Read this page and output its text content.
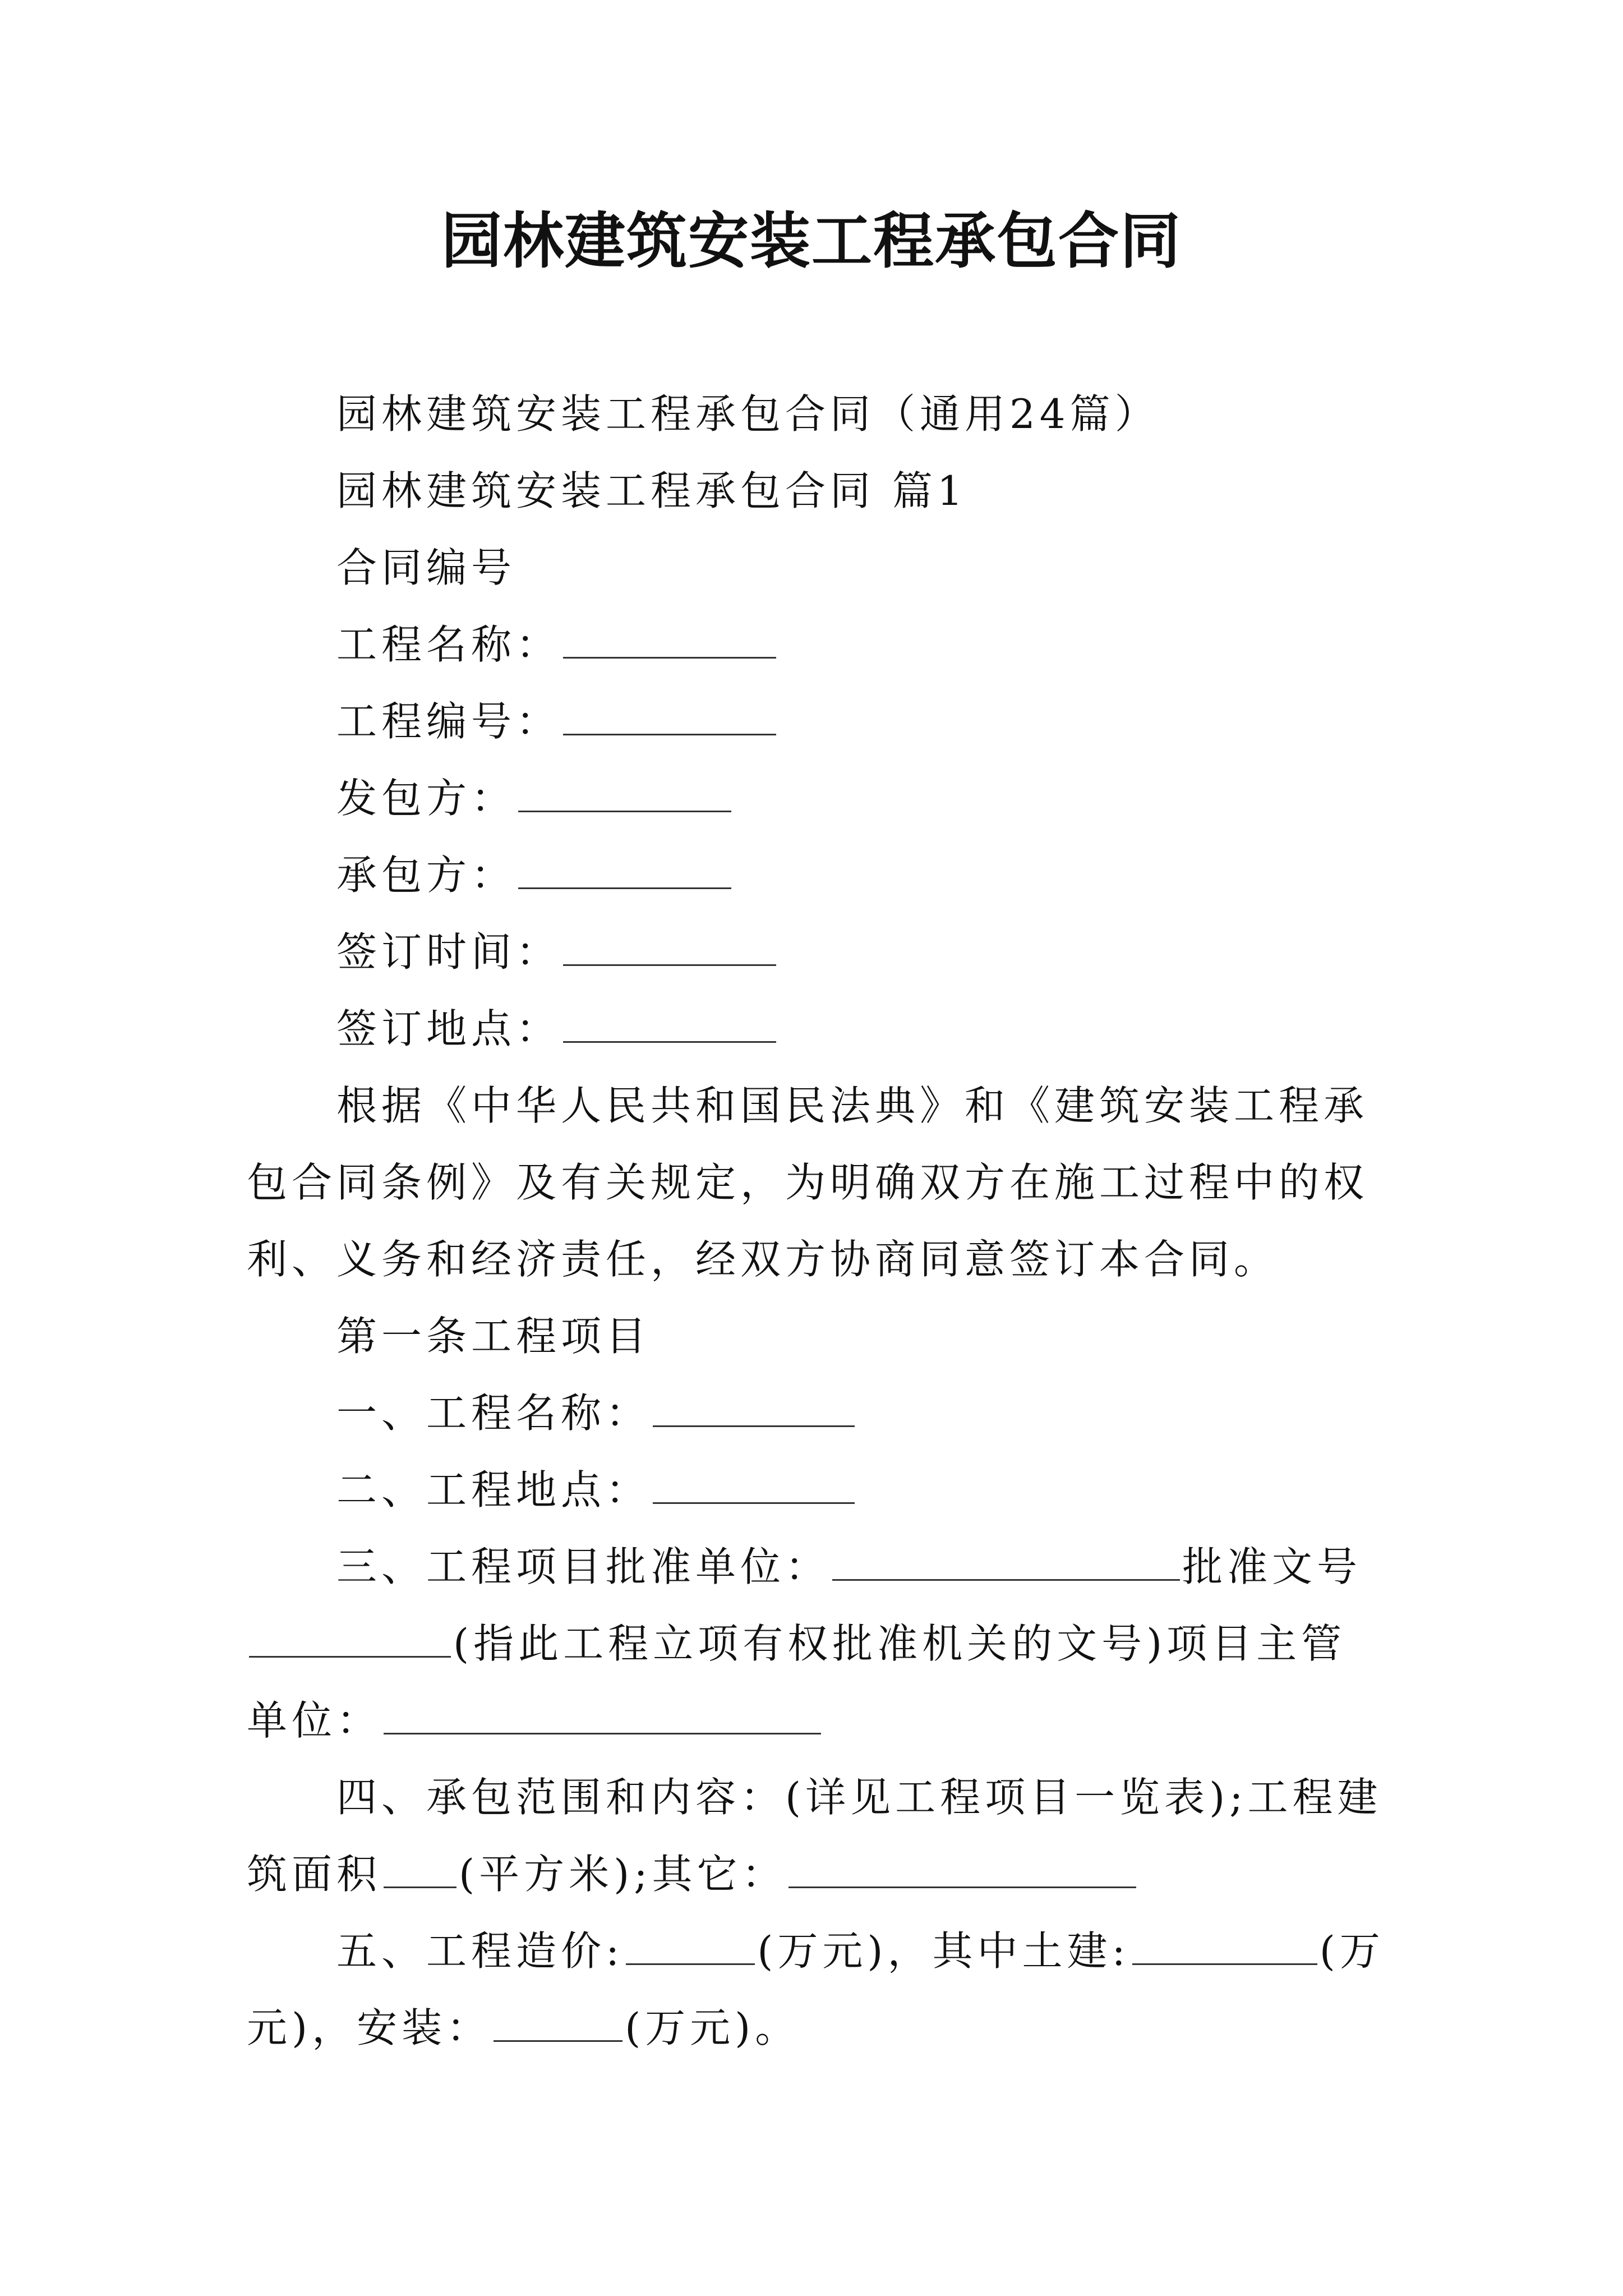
园林建筑安装工程承包合同

园林建筑安装工程承包合同（通用24篇）

园林建筑安装工程承包合同 篇1

合同编号

工程名称：

工程编号：

发包方：

承包方：

签订时间：

签订地点：

根据《中华人民共和国民法典》和《建筑安装工程承包合同条例》及有关规定，为明确双方在施工过程中的权利、义务和经济责任，经双方协商同意签订本合同。

第一条工程项目

一、工程名称：

二、工程地点：

三、工程项目批准单位：	批准文号(指此工程立项有权批准机关的文号)项目主管单位：

四、承包范围和内容：(详见工程项目一览表);工程建筑面积 (平方米);其它：

五、工程造价:	(万元)，其中土建:	(万元)，安装：	(万元)。
